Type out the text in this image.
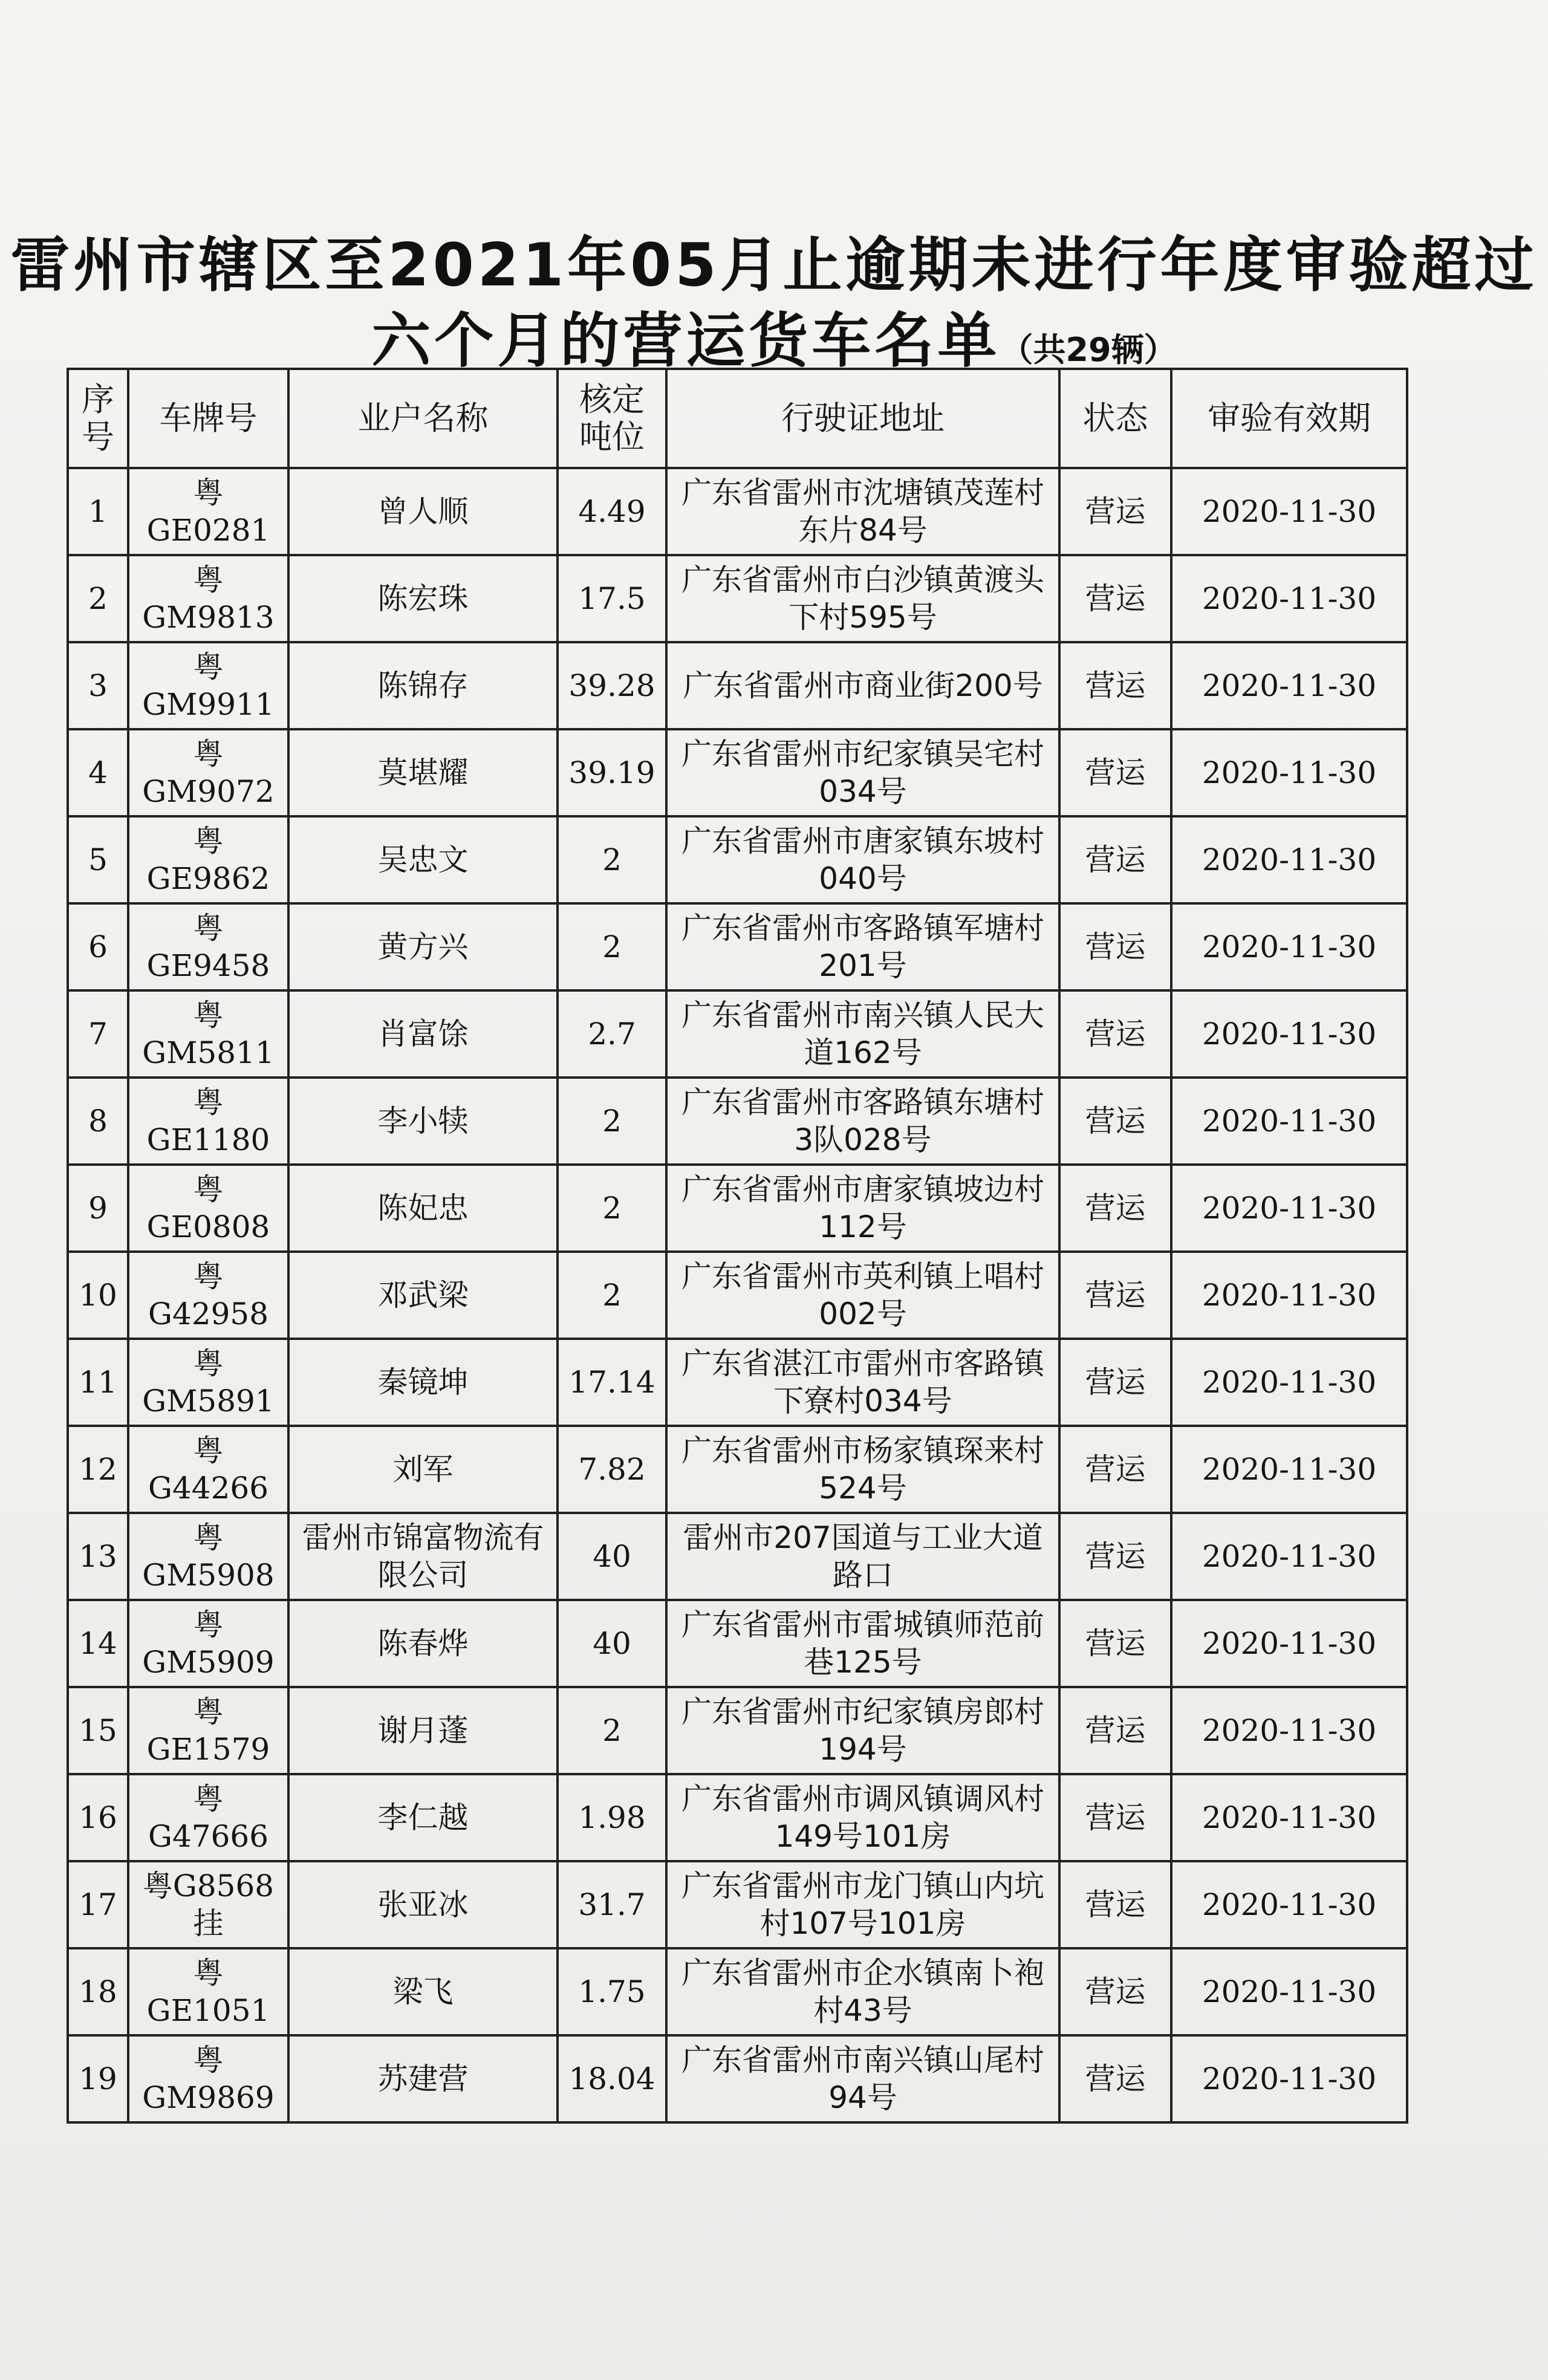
雷州市辖区至2021年05月止逾期未进行年度审验超过
六个月的营运货车名单（共29辆）
序号	车牌号	业户名称	核定吨位	行驶证地址	状态	审验有效期
1	粤GE0281	曾人顺	4.49	广东省雷州市沈塘镇茂莲村东片84号	营运	2020-11-30
2	粤GM9813	陈宏珠	17.5	广东省雷州市白沙镇黄渡头下村595号	营运	2020-11-30
3	粤GM9911	陈锦存	39.28	广东省雷州市商业街200号	营运	2020-11-30
4	粤GM9072	莫堪耀	39.19	广东省雷州市纪家镇吴宅村034号	营运	2020-11-30
5	粤GE9862	吴忠文	2	广东省雷州市唐家镇东坡村040号	营运	2020-11-30
6	粤GE9458	黄方兴	2	广东省雷州市客路镇军塘村201号	营运	2020-11-30
7	粤GM5811	肖富馀	2.7	广东省雷州市南兴镇人民大道162号	营运	2020-11-30
8	粤GE1180	李小犊	2	广东省雷州市客路镇东塘村3队028号	营运	2020-11-30
9	粤GE0808	陈妃忠	2	广东省雷州市唐家镇坡边村112号	营运	2020-11-30
10	粤G42958	邓武梁	2	广东省雷州市英利镇上唱村002号	营运	2020-11-30
11	粤GM5891	秦镜坤	17.14	广东省湛江市雷州市客路镇下寮村034号	营运	2020-11-30
12	粤G44266	刘军	7.82	广东省雷州市杨家镇琛来村524号	营运	2020-11-30
13	粤GM5908	雷州市锦富物流有限公司	40	雷州市207国道与工业大道路口	营运	2020-11-30
14	粤GM5909	陈春烨	40	广东省雷州市雷城镇师范前巷125号	营运	2020-11-30
15	粤GE1579	谢月蓬	2	广东省雷州市纪家镇房郎村194号	营运	2020-11-30
16	粤G47666	李仁越	1.98	广东省雷州市调风镇调风村149号101房	营运	2020-11-30
17	粤G8568挂	张亚冰	31.7	广东省雷州市龙门镇山内坑村107号101房	营运	2020-11-30
18	粤GE1051	梁飞	1.75	广东省雷州市企水镇南卜袍村43号	营运	2020-11-30
19	粤GM9869	苏建营	18.04	广东省雷州市南兴镇山尾村94号	营运	2020-11-30
